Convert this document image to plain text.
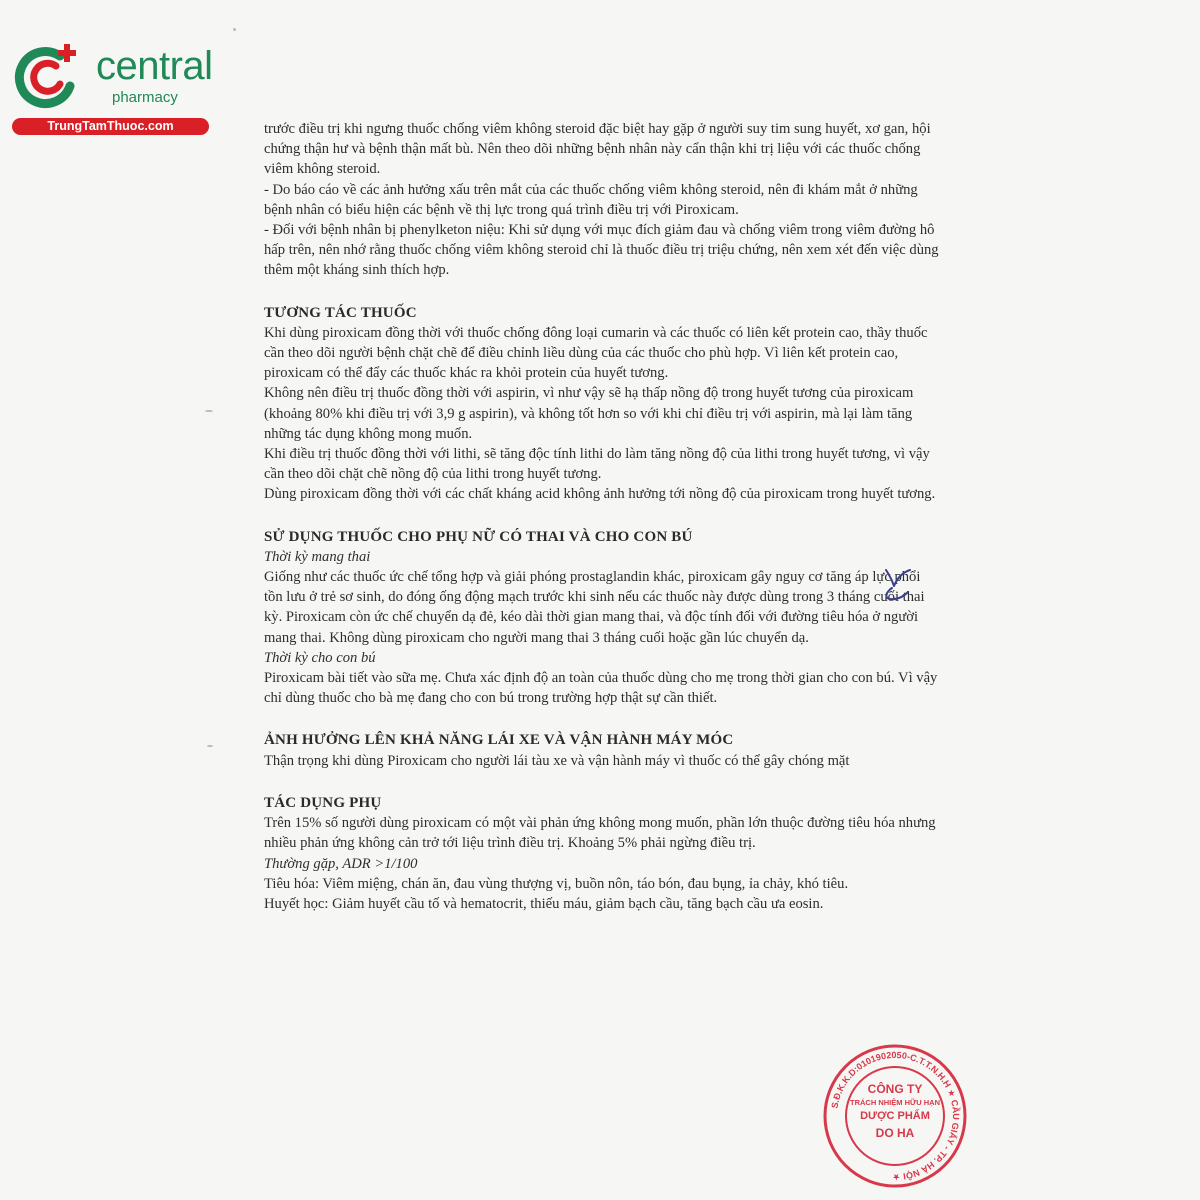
central
pharmacy
TrungTamThuoc.com	trước điều trị khi ngưng thuốc chống viêm không steroid đặc biệt hay gặp ở người suy tim sung huyết, xơ gan, hội chứng thận hư và bệnh thận mất bù. Nên theo dõi những bệnh nhân này cẩn thận khi trị liệu với các thuốc chống viêm không steroid.

- Do báo cáo về các ảnh hưởng xấu trên mắt của các thuốc chống viêm không steroid, nên đi khám mắt ở những bệnh nhân có biểu hiện các bệnh về thị lực trong quá trình điều trị với Piroxicam.

- Đối với bệnh nhân bị phenylketon niệu: Khi sử dụng với mục đích giảm đau và chống viêm trong viêm đường hô hấp trên, nên nhớ rằng thuốc chống viêm không steroid chỉ là thuốc điều trị triệu chứng, nên xem xét đến việc dùng thêm một kháng sinh thích hợp.

TƯƠNG TÁC THUỐC

Khi dùng piroxicam đồng thời với thuốc chống đông loại cumarin và các thuốc có liên kết protein cao, thầy thuốc cần theo dõi người bệnh chặt chẽ để điều chỉnh liều dùng của các thuốc cho phù hợp. Vì liên kết protein cao, piroxicam có thể đẩy các thuốc khác ra khỏi protein của huyết tương.

Không nên điều trị thuốc đồng thời với aspirin, vì như vậy sẽ hạ thấp nồng độ trong huyết tương của piroxicam (khoảng 80% khi điều trị với 3,9 g aspirin), và không tốt hơn so với khi chỉ điều trị với aspirin, mà lại làm tăng những tác dụng không mong muốn.

Khi điều trị thuốc đồng thời với lithi, sẽ tăng độc tính lithi do làm tăng nồng độ của lithi trong huyết tương, vì vậy cần theo dõi chặt chẽ nồng độ của lithi trong huyết tương.

Dùng piroxicam đồng thời với các chất kháng acid không ảnh hưởng tới nồng độ của piroxicam trong huyết tương.

SỬ DỤNG THUỐC CHO PHỤ NỮ CÓ THAI VÀ CHO CON BÚ

Thời kỳ mang thai

Giống như các thuốc ức chế tổng hợp và giải phóng prostaglandin khác, piroxicam gây nguy cơ tăng áp lực phổi tồn lưu ở trẻ sơ sinh, do đóng ống động mạch trước khi sinh nếu các thuốc này được dùng trong 3 tháng cuối thai kỳ. Piroxicam còn ức chế chuyển dạ đẻ, kéo dài thời gian mang thai, và độc tính đối với đường tiêu hóa ở người mang thai. Không dùng piroxicam cho người mang thai 3 tháng cuối hoặc gần lúc chuyển dạ.

Thời kỳ cho con bú

Piroxicam bài tiết vào sữa mẹ. Chưa xác định độ an toàn của thuốc dùng cho mẹ trong thời gian cho con bú. Vì vậy chỉ dùng thuốc cho bà mẹ đang cho con bú trong trường hợp thật sự cần thiết.

ẢNH HƯỞNG LÊN KHẢ NĂNG LÁI XE VÀ VẬN HÀNH MÁY MÓC

Thận trọng khi dùng Piroxicam cho người lái tàu xe và vận hành máy vì thuốc có thể gây chóng mặt

TÁC DỤNG PHỤ

Trên 15% số người dùng piroxicam có một vài phản ứng không mong muốn, phần lớn thuộc đường tiêu hóa nhưng nhiều phản ứng không cản trở tới liệu trình điều trị. Khoảng 5% phải ngừng điều trị.

Thường gặp, ADR >1/100

Tiêu hóa: Viêm miệng, chán ăn, đau vùng thượng vị, buồn nôn, táo bón, đau bụng, ỉa chảy, khó tiêu.

Huyết học: Giảm huyết cầu tố và hematocrit, thiếu máu, giảm bạch cầu, tăng bạch cầu ưa eosin.

S.Đ.K.K.D:0101902050-C.T.T.N.H.H ★ CẦU GIẤY - TP. HÀ NỘI ★
CÔNG TY
TRÁCH NHIỆM HỮU HẠN
DƯỢC PHẨM
DO HA
